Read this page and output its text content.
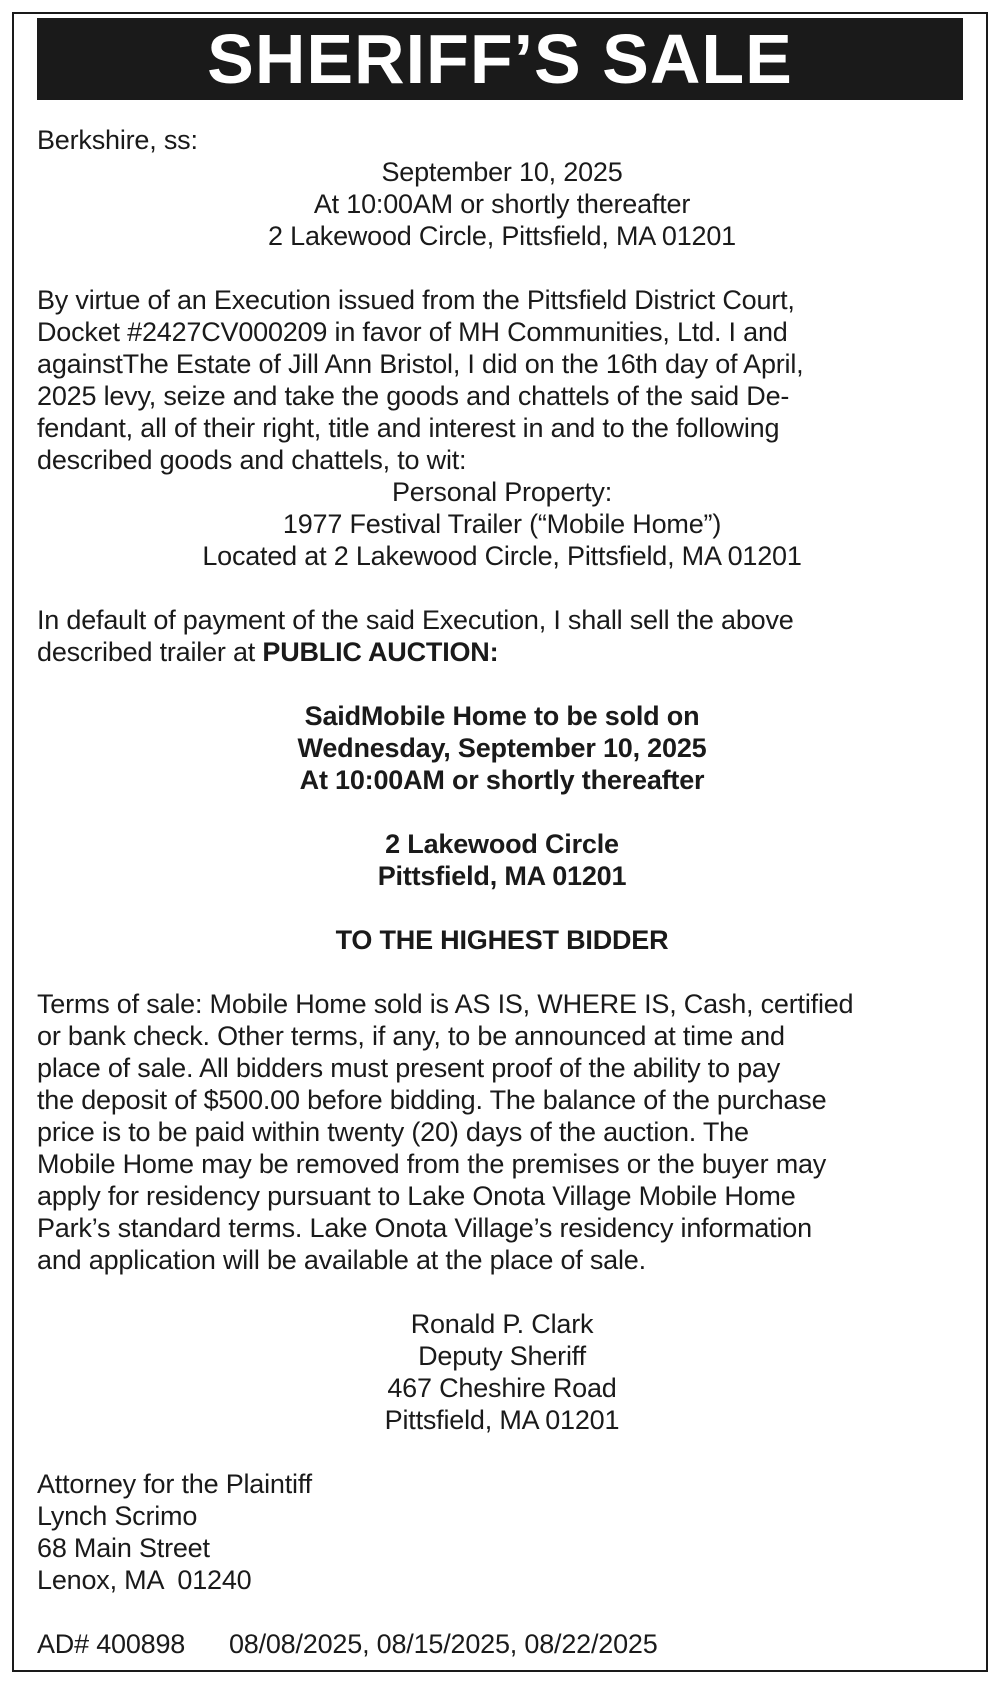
SHERIFF’S SALE
Berkshire, ss:
September 10, 2025
At 10:00AM or shortly thereafter
2 Lakewood Circle, Pittsfield, MA 01201
By virtue of an Execution issued from the Pittsfield District Court,
Docket #2427CV000209 in favor of MH Communities, Ltd. I and
againstThe Estate of Jill Ann Bristol, I did on the 16th day of April,
2025 levy, seize and take the goods and chattels of the said De-
fendant, all of their right, title and interest in and to the following
described goods and chattels, to wit:
Personal Property:
1977 Festival Trailer (“Mobile Home”)
Located at 2 Lakewood Circle, Pittsfield, MA 01201
In default of payment of the said Execution, I shall sell the above
described trailer at PUBLIC AUCTION:
SaidMobile Home to be sold on
Wednesday, September 10, 2025
At 10:00AM or shortly thereafter
2 Lakewood Circle
Pittsfield, MA 01201
TO THE HIGHEST BIDDER
Terms of sale: Mobile Home sold is AS IS, WHERE IS, Cash, certified
or bank check. Other terms, if any, to be announced at time and
place of sale. All bidders must present proof of the ability to pay
the deposit of $500.00 before bidding. The balance of the purchase
price is to be paid within twenty (20) days of the auction. The
Mobile Home may be removed from the premises or the buyer may
apply for residency pursuant to Lake Onota Village Mobile Home
Park’s standard terms. Lake Onota Village’s residency information
and application will be available at the place of sale.
Ronald P. Clark
Deputy Sheriff
467 Cheshire Road
Pittsfield, MA 01201
Attorney for the Plaintiff
Lynch Scrimo
68 Main Street
Lenox, MA  01240
AD# 400898 08/08/2025, 08/15/2025, 08/22/2025
